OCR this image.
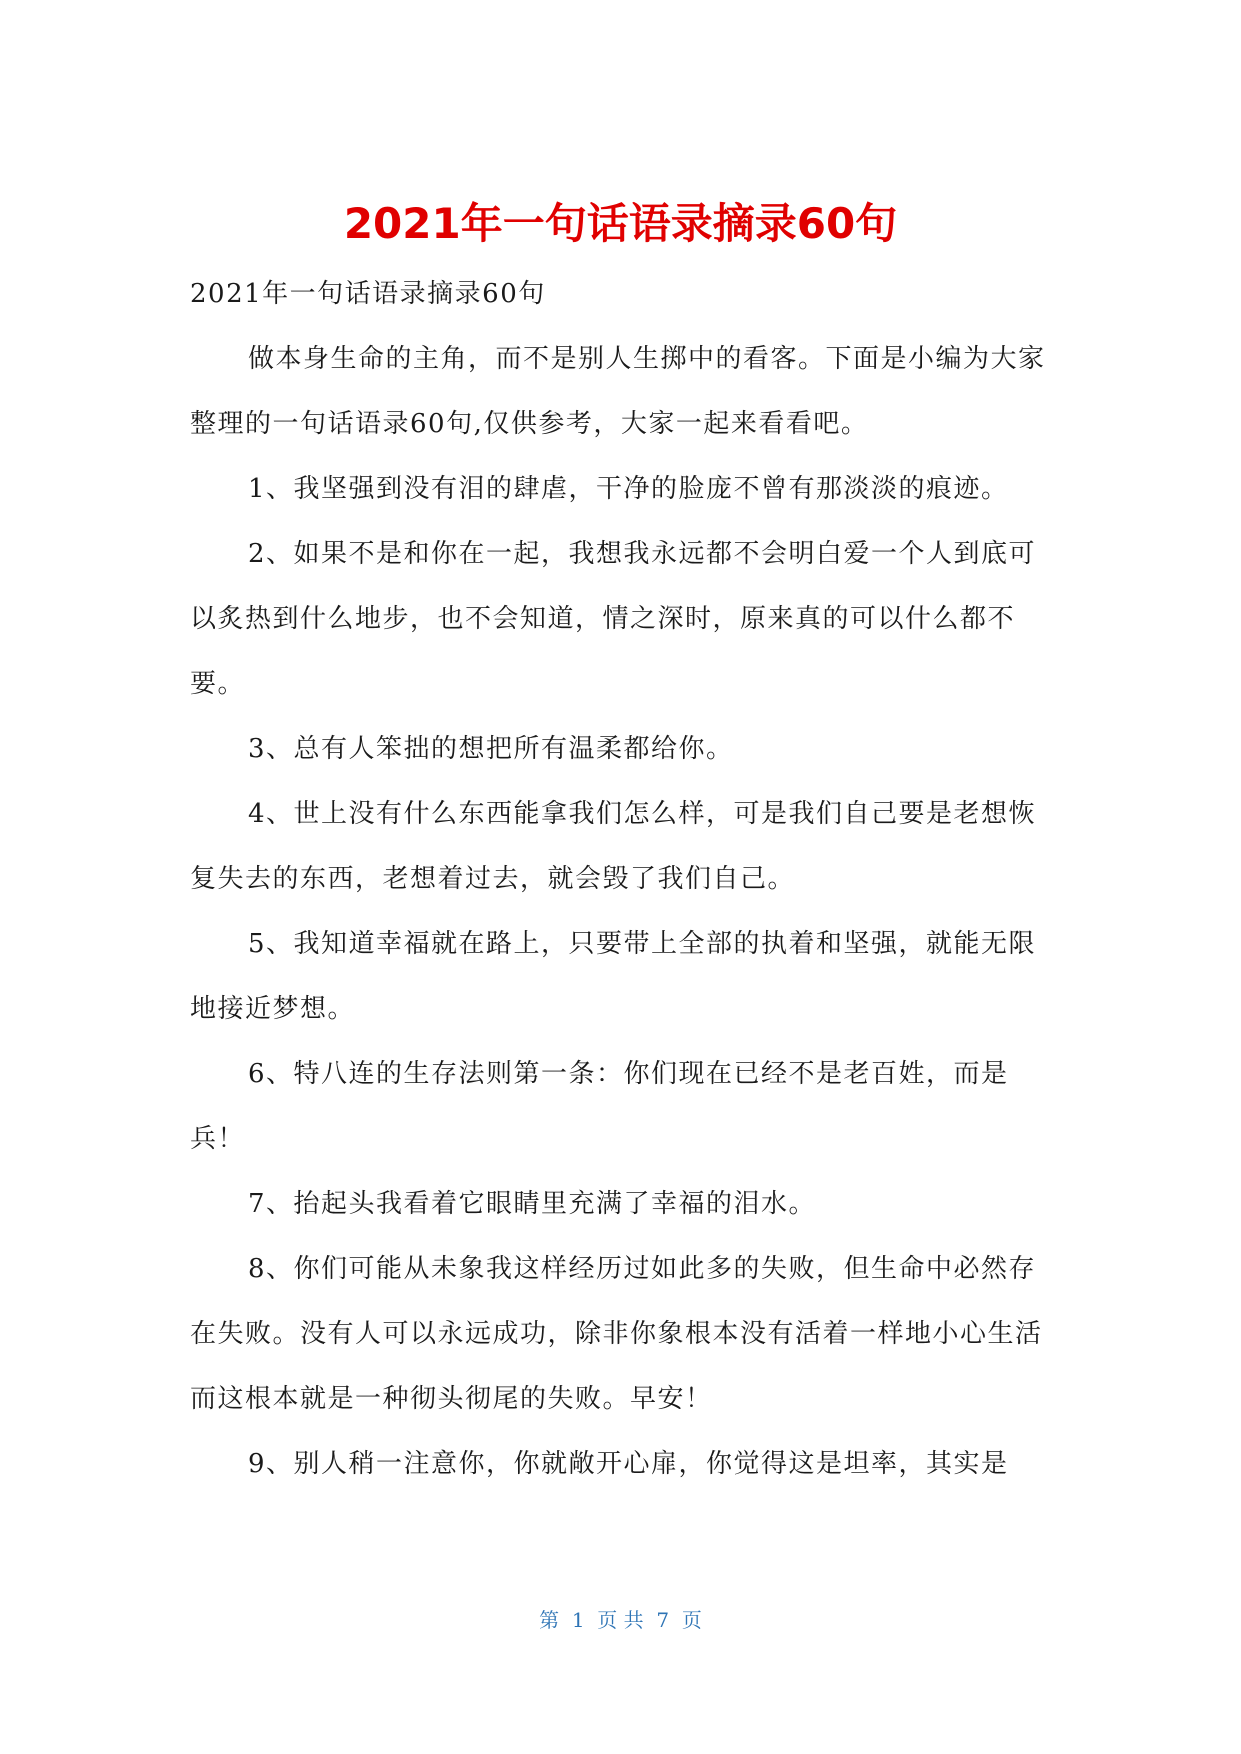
2021年一句话语录摘录60句

2021年一句话语录摘录60句

做本身生命的主角，而不是别人生掷中的看客。下面是小编为大家整理的一句话语录60句,仅供参考，大家一起来看看吧。

1、我坚强到没有泪的肆虐，干净的脸庞不曾有那淡淡的痕迹。

2、如果不是和你在一起，我想我永远都不会明白爱一个人到底可以炙热到什么地步，也不会知道，情之深时，原来真的可以什么都不要。

3、总有人笨拙的想把所有温柔都给你。

4、世上没有什么东西能拿我们怎么样，可是我们自己要是老想恢复失去的东西，老想着过去，就会毁了我们自己。

5、我知道幸福就在路上，只要带上全部的执着和坚强，就能无限地接近梦想。

6、特八连的生存法则第一条：你们现在已经不是老百姓，而是兵！

7、抬起头我看着它眼睛里充满了幸福的泪水。

8、你们可能从未象我这样经历过如此多的失败，但生命中必然存在失败。没有人可以永远成功，除非你象根本没有活着一样地小心生活而这根本就是一种彻头彻尾的失败。早安！

9、别人稍一注意你，你就敞开心扉，你觉得这是坦率，其实是

第  1  页 共  7  页
